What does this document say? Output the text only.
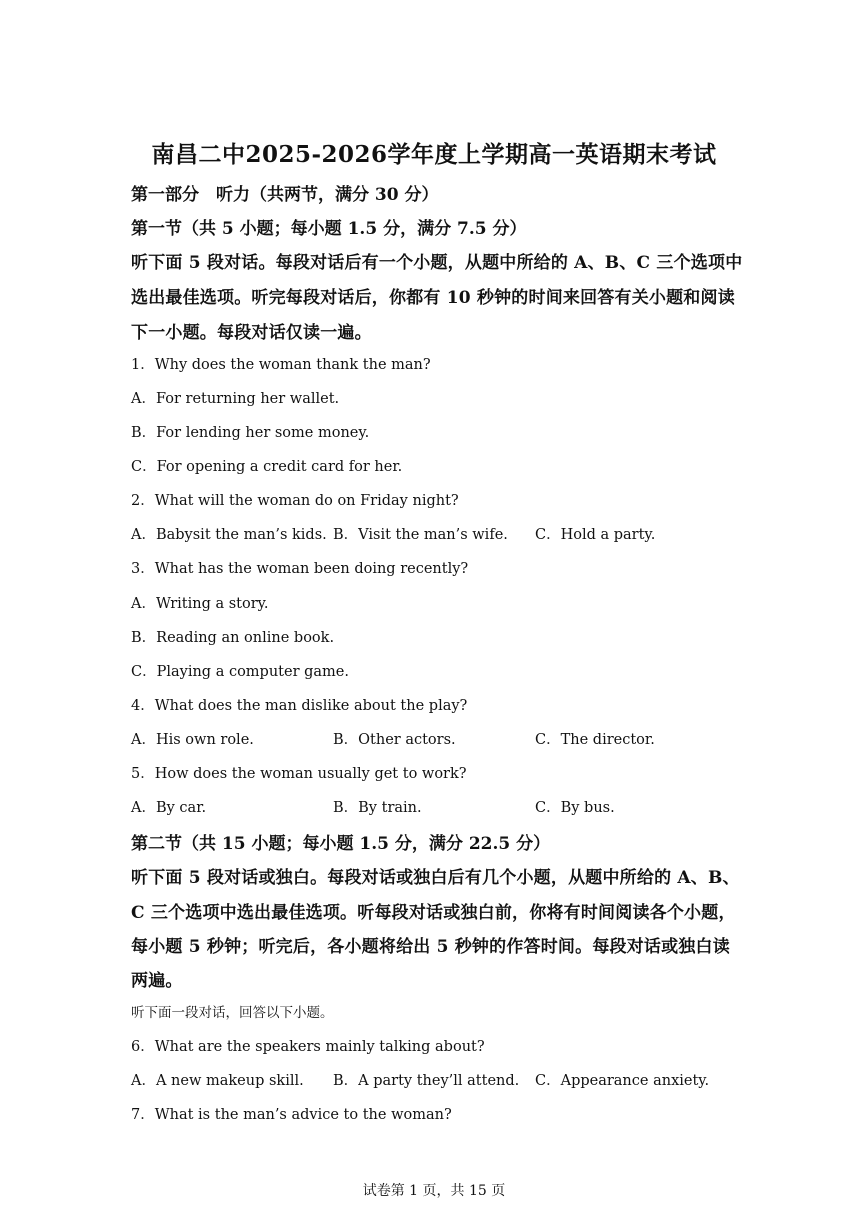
南昌二中2025-2026学年度上学期高一英语期末考试
第一部分　听力（共两节，满分 30 分）
第一节（共 5 小题；每小题 1.5 分，满分 7.5 分）
听下面 5 段对话。每段对话后有一个小题，从题中所给的 A、B、C 三个选项中
选出最佳选项。听完每段对话后，你都有 10 秒钟的时间来回答有关小题和阅读
下一小题。每段对话仅读一遍。
1．Why does the woman thank the man?
A．For returning her wallet.
B．For lending her some money.
C．For opening a credit card for her.
2．What will the woman do on Friday night?
A．Babysit the man’s kids. B．Visit the man’s wife. C．Hold a party.
3．What has the woman been doing recently?
A．Writing a story.
B．Reading an online book.
C．Playing a computer game.
4．What does the man dislike about the play?
A．His own role.	B．Other actors.	C．The director.
5．How does the woman usually get to work?
A．By car.	B．By train.	C．By bus.
第二节（共 15 小题；每小题 1.5 分，满分 22.5 分）
听下面 5 段对话或独白。每段对话或独白后有几个小题，从题中所给的 A、B、
C 三个选项中选出最佳选项。听每段对话或独白前，你将有时间阅读各个小题，
每小题 5 秒钟；听完后，各小题将给出 5 秒钟的作答时间。每段对话或独白读
两遍。
听下面一段对话，回答以下小题。
6．What are the speakers mainly talking about?
A．A new makeup skill. B．A party they’ll attend. C．Appearance anxiety.
7．What is the man’s advice to the woman?
试卷第 1 页，共 15 页
